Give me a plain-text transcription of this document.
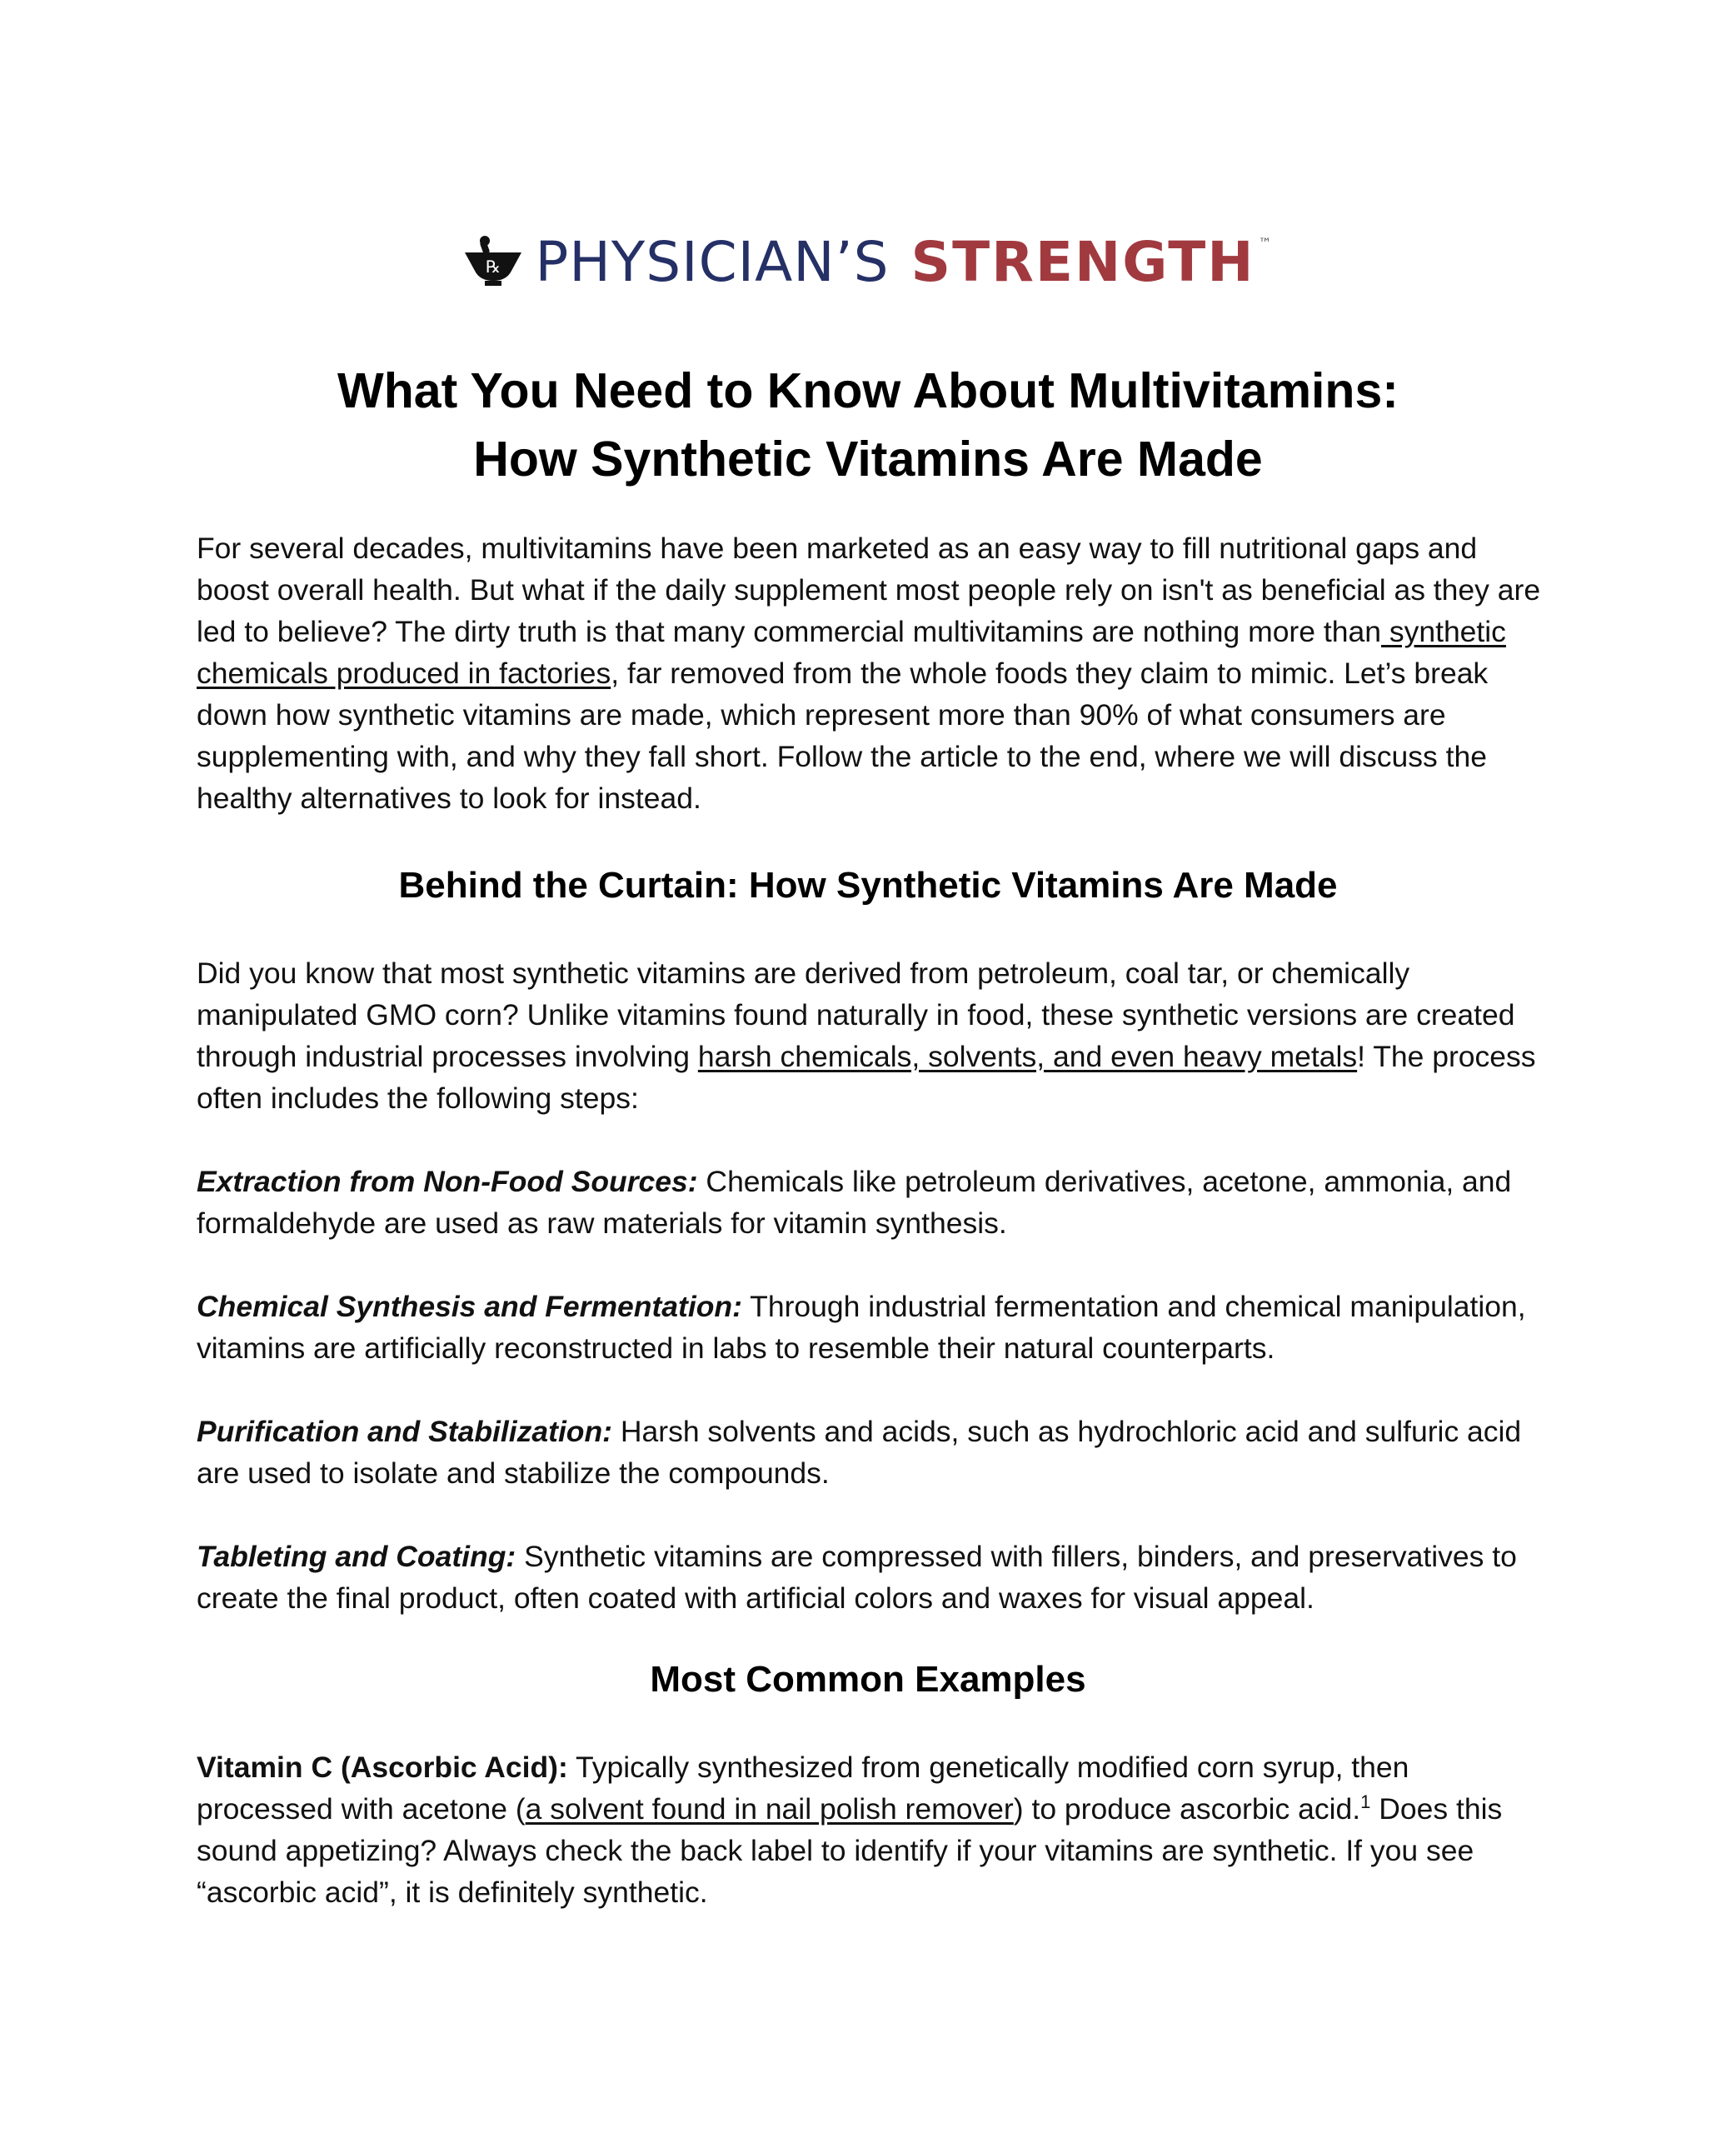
℞ PHYSICIAN’S STRENGTH ™
What You Need to Know About Multivitamins:
How Synthetic Vitamins Are Made

For several decades, multivitamins have been marketed as an easy way to fill nutritional gaps and boost overall health. But what if the daily supplement most people rely on isn't as beneficial as they are led to believe? The dirty truth is that many commercial multivitamins are nothing more than synthetic chemicals produced in factories, far removed from the whole foods they claim to mimic. Let’s break down how synthetic vitamins are made, which represent more than 90% of what consumers are supplementing with, and why they fall short. Follow the article to the end, where we will discuss the healthy alternatives to look for instead.

Behind the Curtain: How Synthetic Vitamins Are Made

Did you know that most synthetic vitamins are derived from petroleum, coal tar, or chemically manipulated GMO corn? Unlike vitamins found naturally in food, these synthetic versions are created through industrial processes involving harsh chemicals, solvents, and even heavy metals! The process often includes the following steps:

Extraction from Non-Food Sources: Chemicals like petroleum derivatives, acetone, ammonia, and formaldehyde are used as raw materials for vitamin synthesis.

Chemical Synthesis and Fermentation: Through industrial fermentation and chemical manipulation, vitamins are artificially reconstructed in labs to resemble their natural counterparts.

Purification and Stabilization: Harsh solvents and acids, such as hydrochloric acid and sulfuric acid are used to isolate and stabilize the compounds.

Tableting and Coating: Synthetic vitamins are compressed with fillers, binders, and preservatives to create the final product, often coated with artificial colors and waxes for visual appeal.

Most Common Examples

Vitamin C (Ascorbic Acid): Typically synthesized from genetically modified corn syrup, then processed with acetone (a solvent found in nail polish remover) to produce ascorbic acid.$^1$ Does this sound appetizing? Always check the back label to identify if your vitamins are synthetic. If you see “ascorbic acid”, it is definitely synthetic.
